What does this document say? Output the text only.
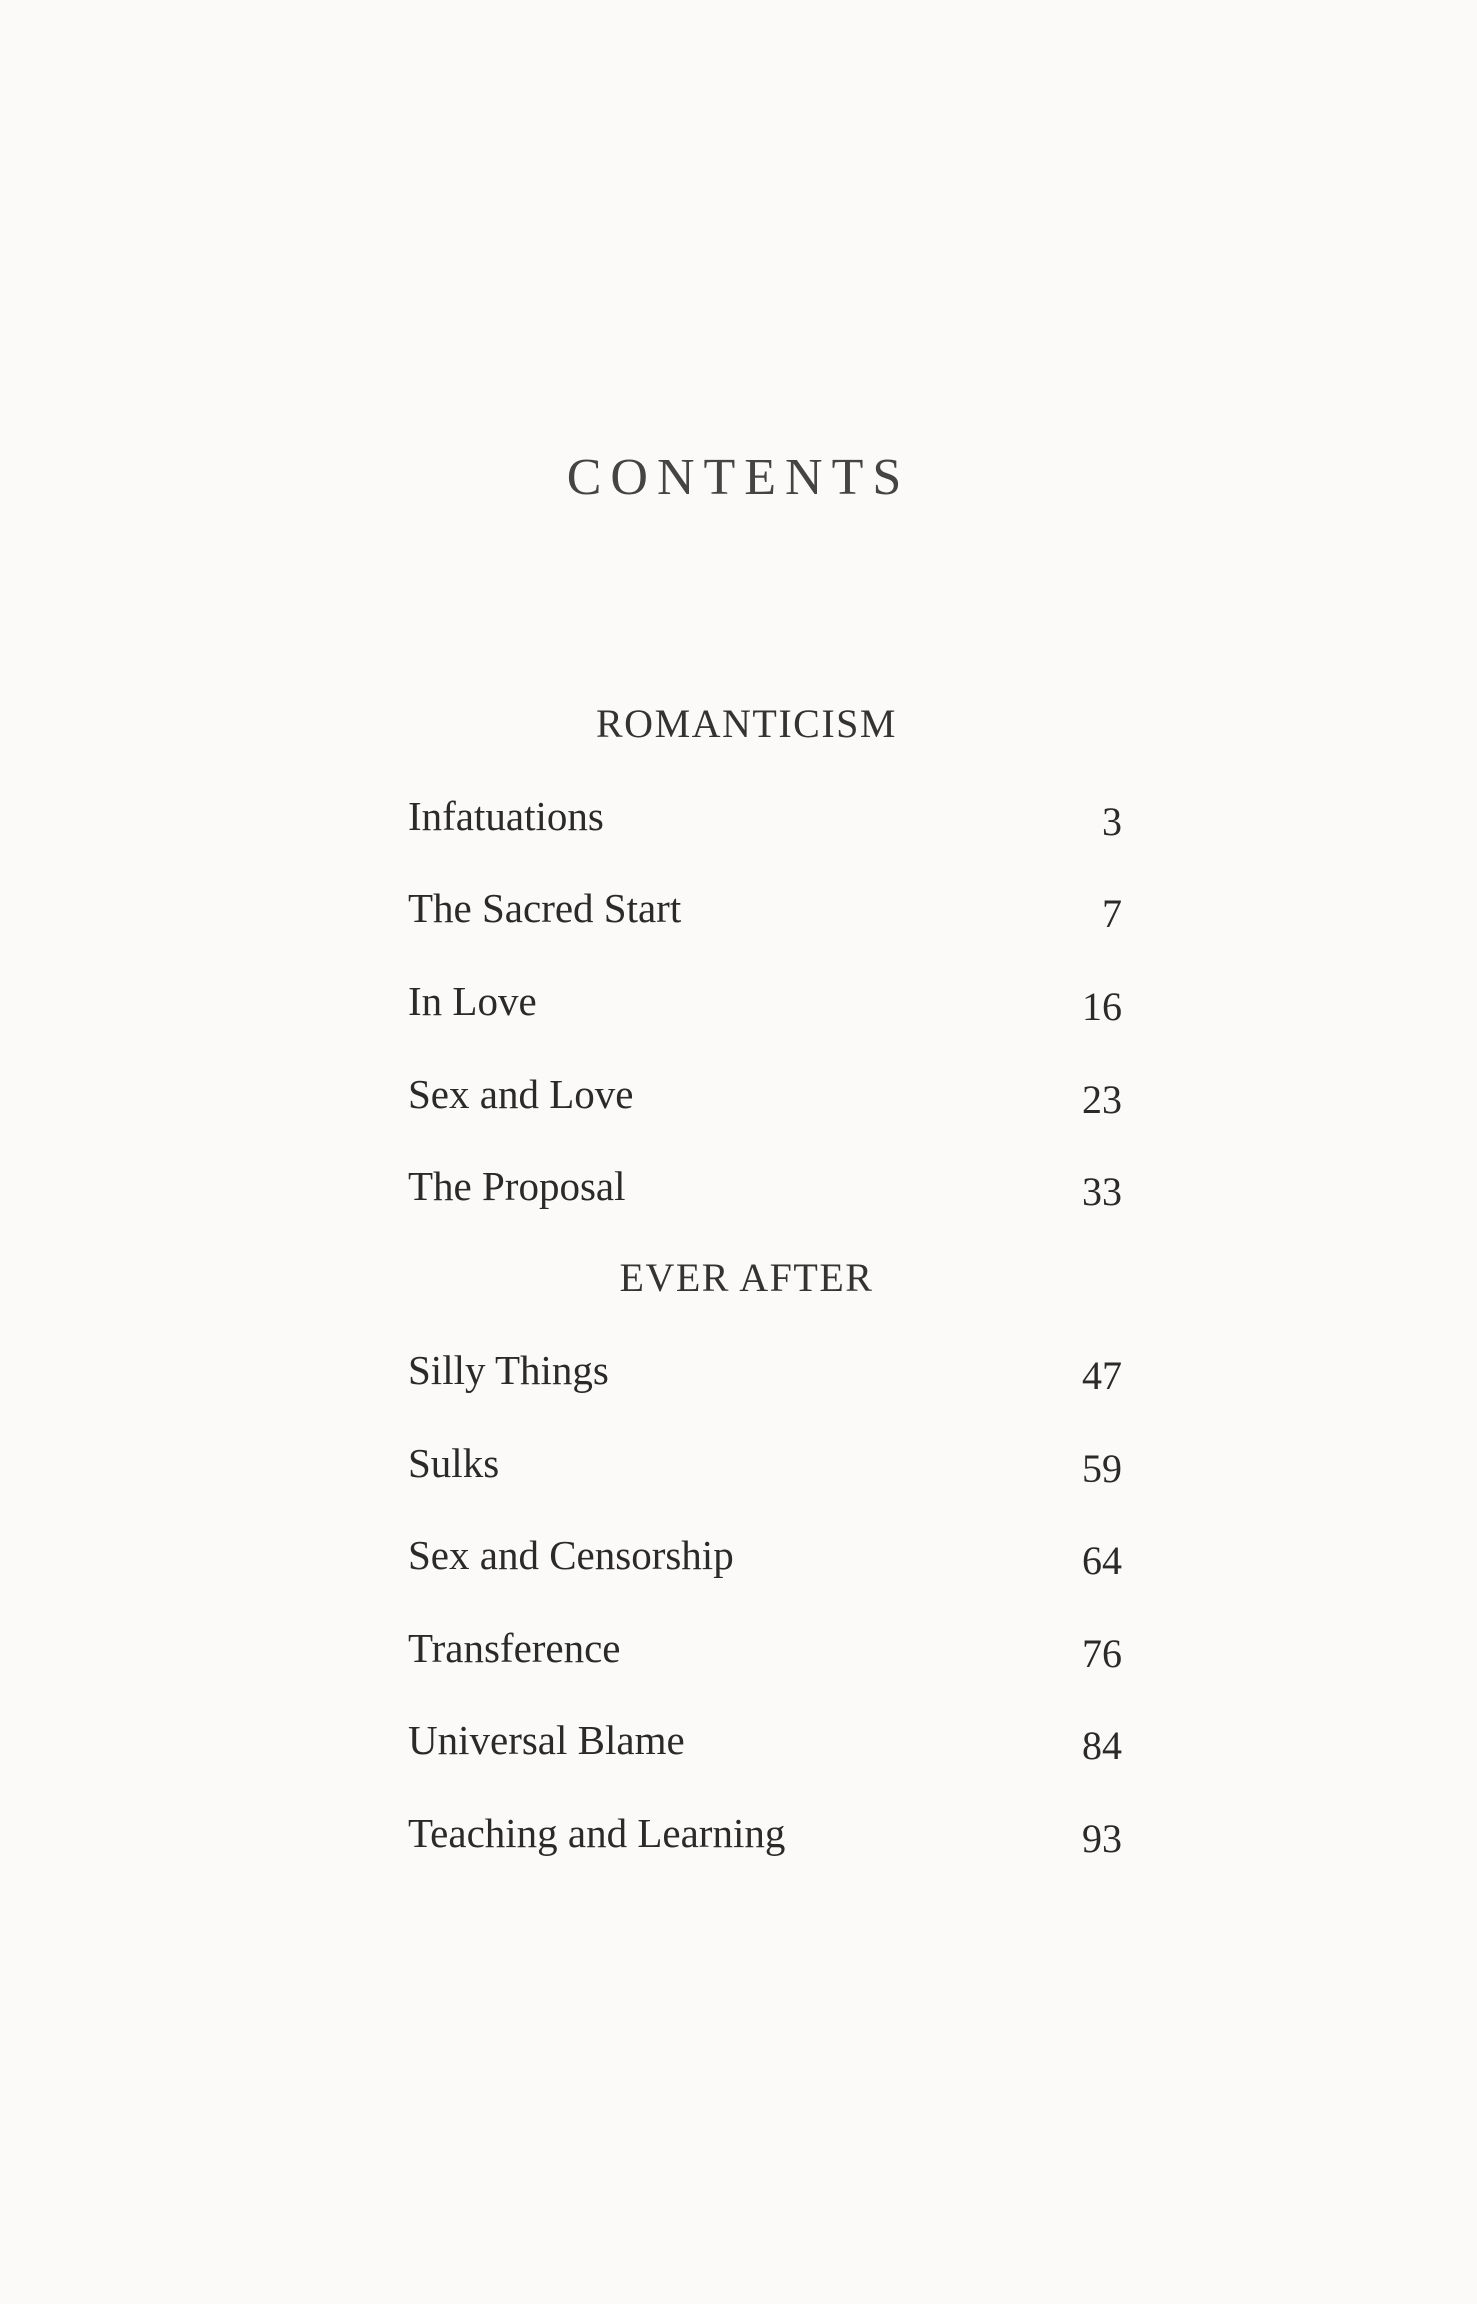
CONTENTS
ROMANTICISM
Infatuations	3
The Sacred Start	7
In Love	16
Sex and Love	23
The Proposal	33
EVER AFTER
Silly Things	47
Sulks	59
Sex and Censorship	64
Transference	76
Universal Blame	84
Teaching and Learning	93
